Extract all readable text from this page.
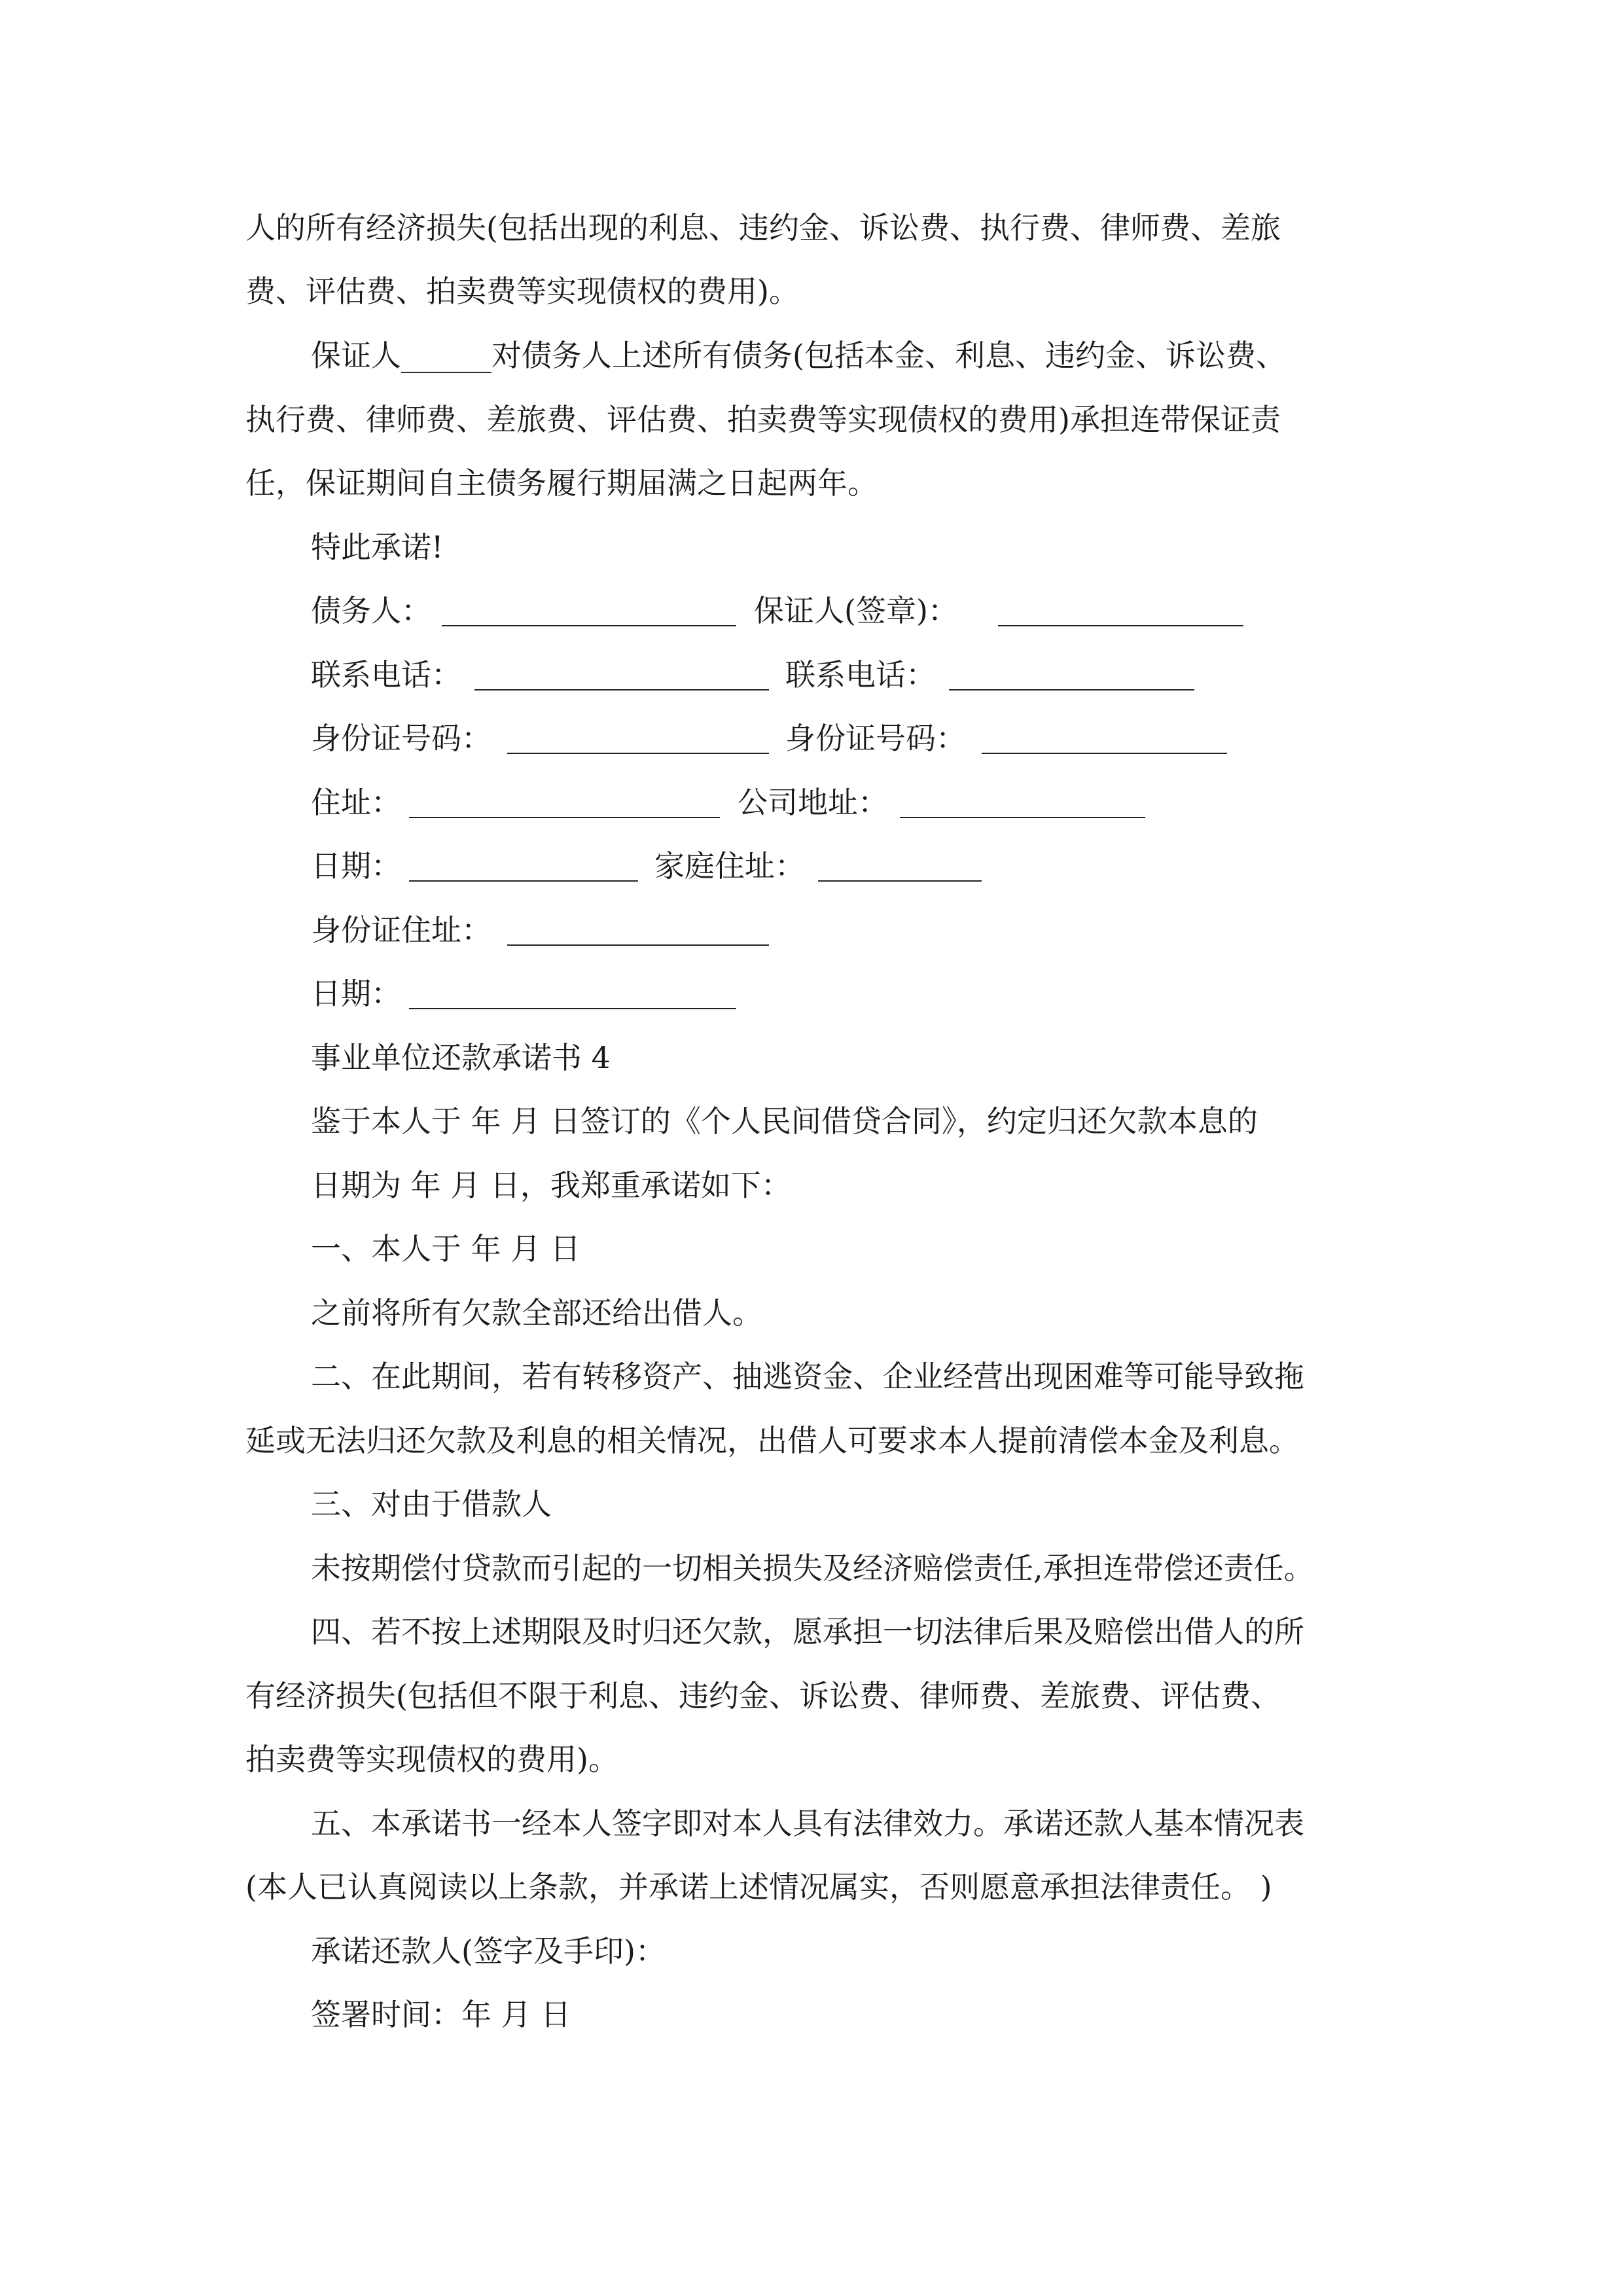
人的所有经济损失(包括出现的利息、违约金、诉讼费、执行费、律师费、差旅
费、评估费、拍卖费等实现债权的费用)。
保证人______对债务人上述所有债务(包括本金、利息、违约金、诉讼费、
执行费、律师费、差旅费、评估费、拍卖费等实现债权的费用)承担连带保证责
任，保证期间自主债务履行期届满之日起两年。
特此承诺!
债务人：	保证人(签章)：
联系电话：	联系电话：
身份证号码：	身份证号码：
住址：	公司地址：
日期：	家庭住址：
身份证住址：
日期：
事业单位还款承诺书 4
鉴于本人于 年 月 日签订的《个人民间借贷合同》，约定归还欠款本息的
日期为 年 月 日，我郑重承诺如下：
一、本人于 年 月 日
之前将所有欠款全部还给出借人。
二、在此期间，若有转移资产、抽逃资金、企业经营出现困难等可能导致拖
延或无法归还欠款及利息的相关情况，出借人可要求本人提前清偿本金及利息。
三、对由于借款人
未按期偿付贷款而引起的一切相关损失及经济赔偿责任,承担连带偿还责任。
四、若不按上述期限及时归还欠款，愿承担一切法律后果及赔偿出借人的所
有经济损失(包括但不限于利息、违约金、诉讼费、律师费、差旅费、评估费、
拍卖费等实现债权的费用)。
五、本承诺书一经本人签字即对本人具有法律效力。承诺还款人基本情况表
(本人已认真阅读以上条款，并承诺上述情况属实，否则愿意承担法律责任。 )
承诺还款人(签字及手印)：
签署时间：年 月 日
